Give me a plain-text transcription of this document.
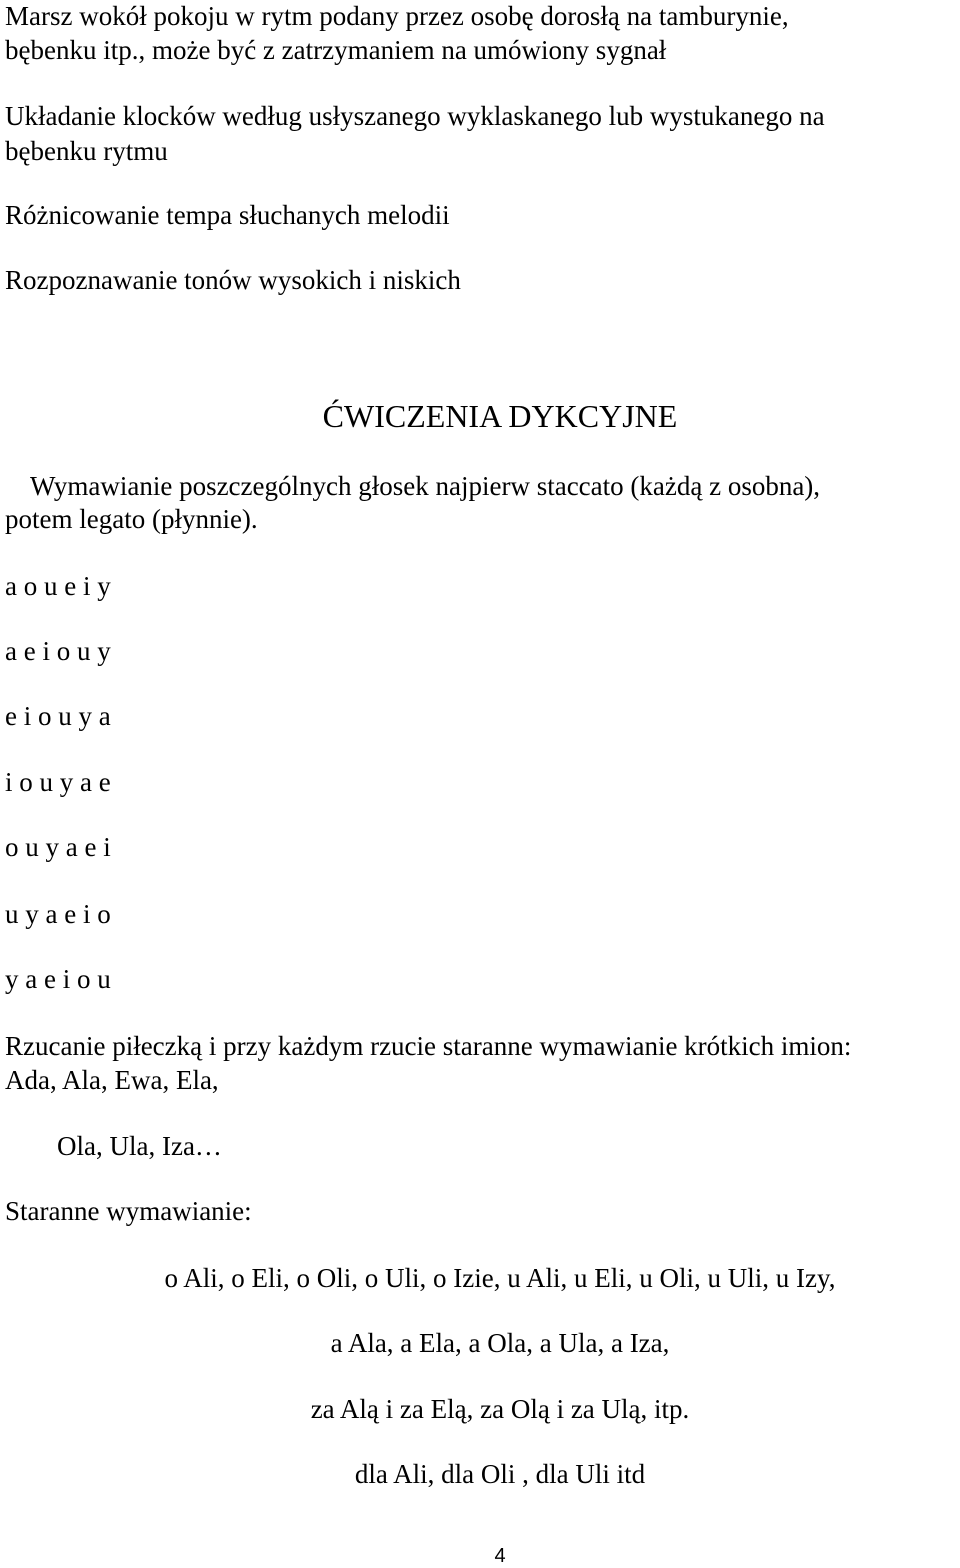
Marsz wokół pokoju w rytm podany przez osobę dorosłą na tamburynie,
bębenku itp., może być z zatrzymaniem na umówiony sygnał
Układanie klocków według usłyszanego wyklaskanego lub wystukanego na
bębenku rytmu
Różnicowanie tempa słuchanych melodii
Rozpoznawanie tonów wysokich i niskich
ĆWICZENIA DYKCYJNE
Wymawianie poszczególnych głosek najpierw staccato (każdą z osobna),
potem legato (płynnie).
a o u e i y
a e i o u y
e i o u y a
i o u y a e
o u y a e i
u y a e i o
y a e i o u
Rzucanie piłeczką i przy każdym rzucie staranne wymawianie krótkich imion:
Ada, Ala, Ewa, Ela,
Ola, Ula, Iza…
Staranne wymawianie:
o Ali, o Eli, o Oli, o Uli, o Izie, u Ali, u Eli, u Oli, u Uli, u Izy,
a Ala, a Ela, a Ola, a Ula, a Iza,
za Alą i za Elą, za Olą i za Ulą, itp.
dla Ali, dla Oli , dla Uli itd
4
